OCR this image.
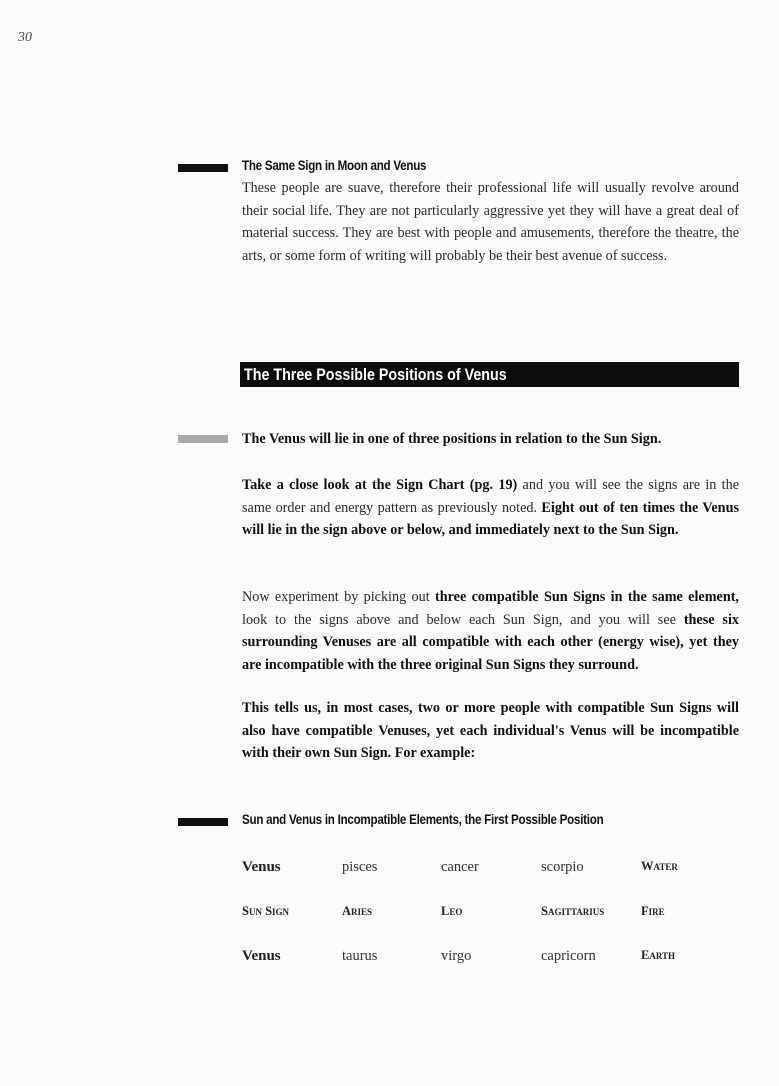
30
The Same Sign in Moon and Venus

These people are suave, therefore their professional life will usually revolve around their social life. They are not particularly aggressive yet they will have a great deal of material success. They are best with people and amusements, therefore the theatre, the arts, or some form of writing will probably be their best avenue of success.

The Three Possible Positions of Venus

The Venus will lie in one of three positions in relation to the Sun Sign.

Take a close look at the Sign Chart (pg. 19) and you will see the signs are in the same order and energy pattern as previously noted. Eight out of ten times the Venus will lie in the sign above or below, and immediately next to the Sun Sign.

Now experiment by picking out three compatible Sun Signs in the same element, look to the signs above and below each Sun Sign, and you will see these six surrounding Venuses are all compatible with each other (energy wise), yet they are incompatible with the three original Sun Signs they surround.

This tells us, in most cases, two or more people with compatible Sun Signs will also have compatible Venuses, yet each individual's Venus will be incompatible with their own Sun Sign. For example:

Sun and Venus in Incompatible Elements, the First Possible Position
Venus	pisces	cancer	scorpio	Water
Sun Sign	Aries	Leo	Sagittarius	Fire
Venus	taurus	virgo	capricorn	Earth
